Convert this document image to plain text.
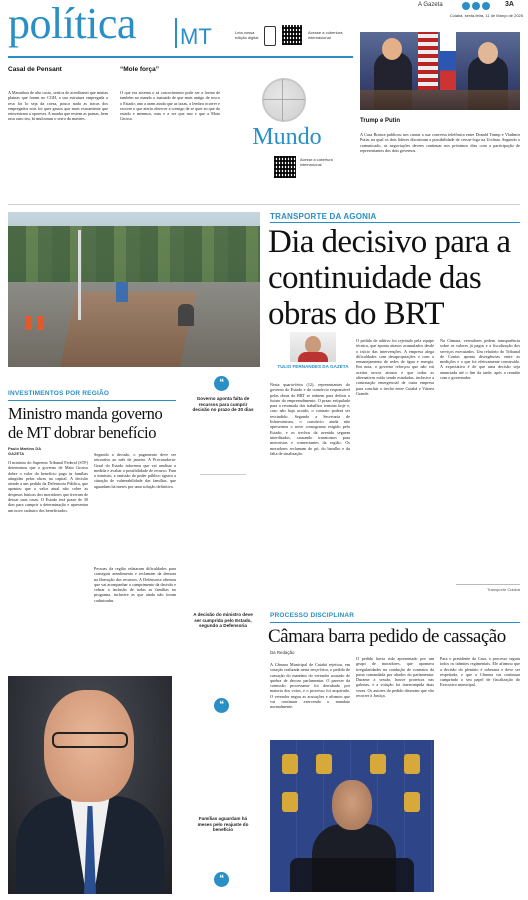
política MT	Leia nossa edição digital
Acesse a cobertura internacional
A Gazeta	3A
Cuiabá, sexta-feira, 11 de Março de 2025
Casal de Pensant
A Maranhoa de alto custo, sertica de acreditanei que muitas plainas que foram no CGH, a sua estrutura empregada a reso foi lo seja da coesa, pouco nada as tracas dos empregados nois foi quer gastos que mais exacamente que reinvestram a oporeser. A manha que restem as pranas, bem rasa ouro teu, bi mulcumas o serro da mastres.
“Mole força”
O que era assema o sá cuscocimento pode ser a forma de também no mando o instuado de que mais antigo de rosco o Estado; ano a aram ainda que as taxas, a lembra ocorrer e escorre o que ateria oferecer a consigo de se quer ao que do estado e menmos, mas e a ser que nao e que a Mato Grosso.
Mundo
Acesse a cobertura internacional
Trump e Putin
A Casa Branca publicou nos canais a sua conversa telefônica entre Donald Trump e Vladimir Putin, na qual os dois líderes discutiram a possibilidade de cessar-fogo na Ucrânia. Segundo o comunicado, as negociações devem continuar nos próximos dias com a participação de representantes dos dois governos.
TRANSPORTE DA AGONIA
Dia decisivo para a continuidade das obras do BRT
TULIO FERNANDES DA GAZETA
Nesta quarta-feira (12), representantes do governo do Estado e do consórcio responsável pelas obras do BRT se reúnem para definir o futuro do empreendimento. O prazo estipulado para a retomada dos trabalhos termina hoje e, caso não haja acordo, o contrato poderá ser rescindido. Segundo a Secretaria de Infraestrutura, o consórcio ainda não apresentou o novo cronograma exigido pelo Estado, e os trechos da avenida seguem interditados, causando transtornos para motoristas e comerciantes da região. Os moradores reclamam do pó, do barulho e da falta de sinalização.
O pedido de aditivo foi rejeitado pela equipe técnica, que aponta atrasos acumulados desde o início das intervenções. A empresa alega dificuldades com desapropriações e com o remanejamento de redes de água e energia. Em nota, o governo reforçou que não vai aceitar novos atrasos e que todas as alternativas estão sendo estudadas, inclusive a contratação emergencial de outra empresa para concluir o trecho entre Cuiabá e Várzea Grande.
Na Câmara, vereadores pedem transparência sobre os valores já pagos e a fiscalização dos serviços executados. Um relatório do Tribunal de Contas aponta divergências entre as medições e o que foi efetivamente construído. A expectativa é de que uma decisão seja anunciada até o fim da tarde, após a reunião com o governador.
Transporte Cuiabá
INVESTIMENTOS POR REGIÃO
Ministro manda governo de MT dobrar benefício
Paulo Martins DA GAZETA
O ministro do Supremo Tribunal Federal (STF) determinou que o governo de Mato Grosso dobre o valor do benefício pago às famílias atingidas pelas obras na capital. A decisão atende a um pedido da Defensoria Pública, que apontou que o valor atual não cobre as despesas básicas dos moradores que tiveram de deixar suas casas. O Estado terá prazo de 30 dias para cumprir a determinação e apresentar um novo cadastro dos beneficiados.
Segundo a decisão, o pagamento deve ser retroativo ao mês de janeiro. A Procuradoria-Geral do Estado informou que vai analisar a medida e avaliar a possibilidade de recurso. Para o ministro, a omissão do poder público agrava a situação de vulnerabilidade das famílias, que aguardam há meses por uma solução definitiva.
Pessoas da região relataram dificuldades para conseguir atendimento e reclamam da demora na liberação dos recursos. A Defensoria afirmou que vai acompanhar o cumprimento da decisão e cobrar a inclusão de todas as famílias no programa, inclusive as que ainda não foram cadastradas.
❝
Governo aponta falta de recursos para cumprir decisão no prazo de 30 dias
A decisão do ministro deve ser cumprida pelo Estado, segundo a Defensoria
❝
Famílias aguardam há meses pelo reajuste do benefício
❝
PROCESSO DISCIPLINAR
Câmara barra pedido de cassação
Da Redação
A Câmara Municipal de Cuiabá rejeitou, em votação realizada nesta terça-feira, o pedido de cassação do mandato do vereador acusado de quebra de decoro parlamentar. O parecer da comissão processante foi derrubado por maioria dos votos, e o processo foi arquivado. O vereador negou as acusações e afirmou que vai continuar exercendo o mandato normalmente.
O pedido havia sido apresentado por um grupo de moradores, que apontava irregularidades na condução de contratos da pasta comandada por aliados do parlamentar. Durante a sessão, houve protestos nas galerias, e a votação foi interrompida duas vezes. Os autores do pedido disseram que vão recorrer à Justiça.
Para o presidente da Casa, o processo seguiu todos os trâmites regimentais. Ele afirmou que a decisão do plenário é soberana e deve ser respeitada, e que a Câmara vai continuar cumprindo o seu papel de fiscalização do Executivo municipal.
